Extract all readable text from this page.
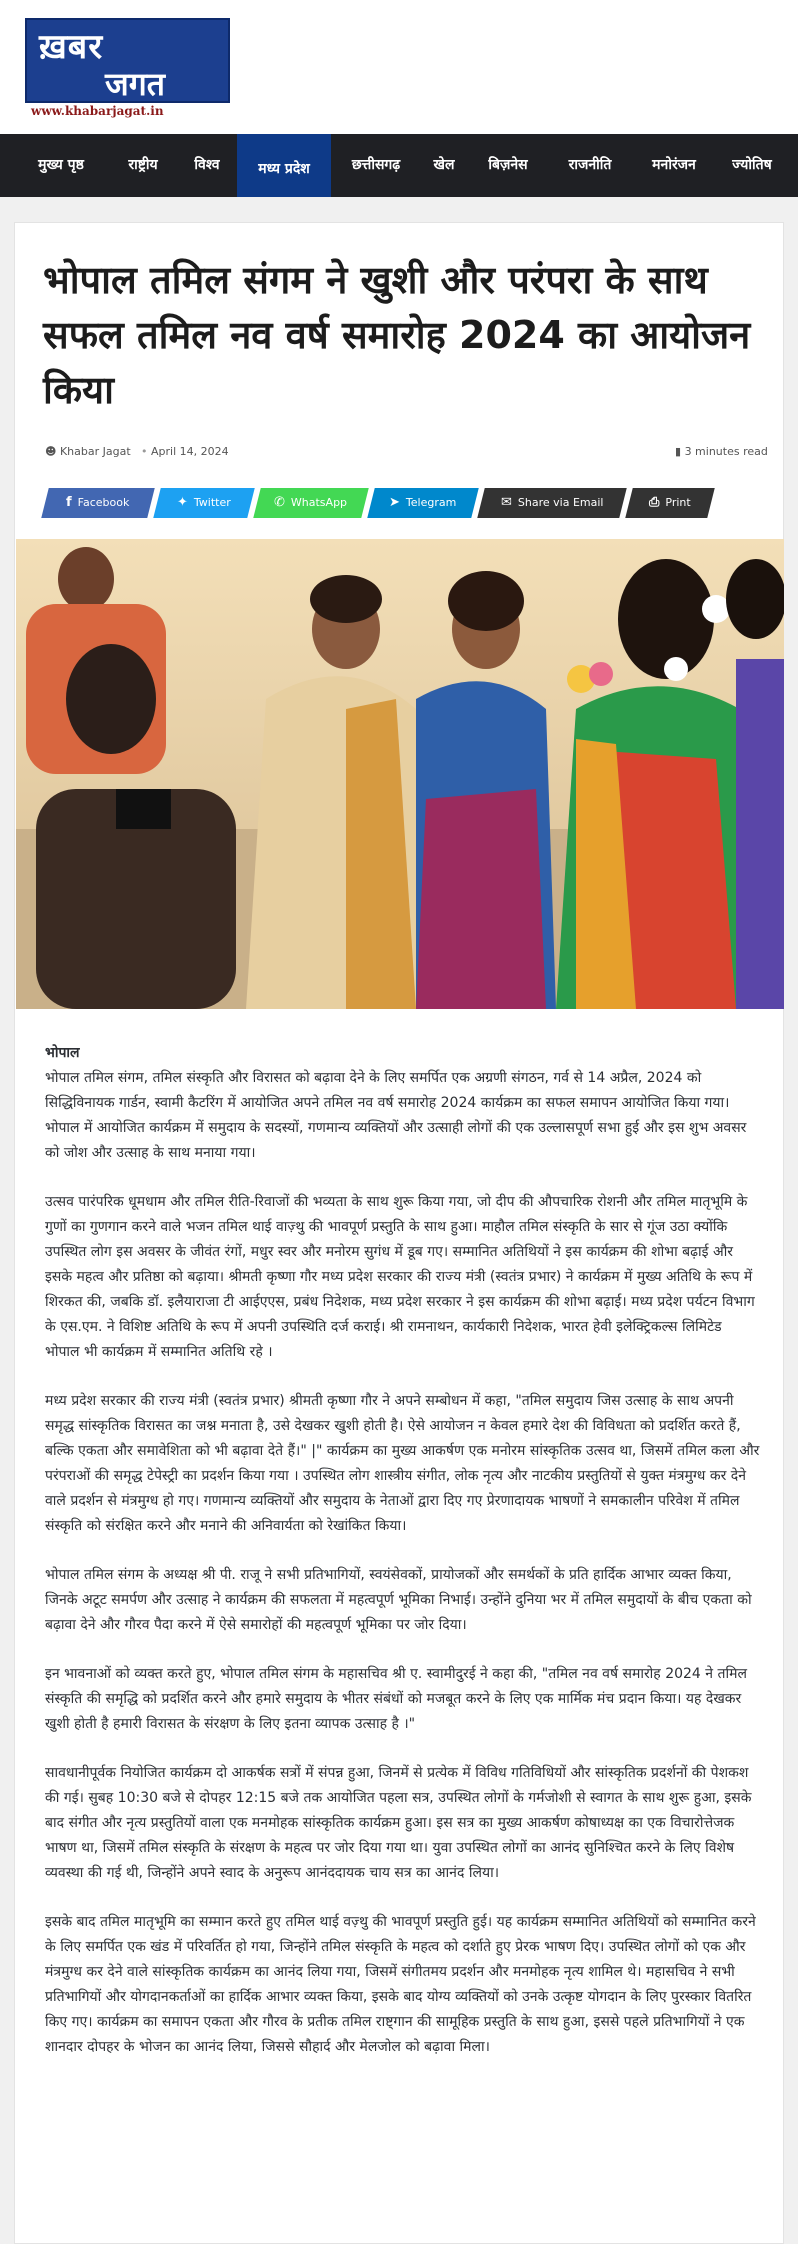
ख़बर
जगत
www.khabarjagat.in
मुख्य पृष्ठ	राष्ट्रीय	विश्व	मध्य प्रदेश	छत्तीसगढ़	खेल	बिज़नेस	राजनीति	मनोरंजन	ज्योतिष
भोपाल तमिल संगम ने खुशी और परंपरा के साथ सफल तमिल नव वर्ष समारोह 2024 का आयोजन किया
☻ Khabar Jagat • April 14, 2024	▮ 3 minutes read
f Facebook	✦ Twitter	✆ WhatsApp	➤ Telegram	✉ Share via Email	⎙ Print
भोपाल

भोपाल तमिल संगम, तमिल संस्कृति और विरासत को बढ़ावा देने के लिए समर्पित एक अग्रणी संगठन, गर्व से 14 अप्रैल, 2024 को सिद्धिविनायक गार्डन, स्वामी कैटरिंग में आयोजित अपने तमिल नव वर्ष समारोह 2024 कार्यक्रम का सफल समापन आयोजित किया गया। भोपाल में आयोजित कार्यक्रम में समुदाय के सदस्यों, गणमान्य व्यक्तियों और उत्साही लोगों की एक उल्लासपूर्ण सभा हुई और इस शुभ अवसर को जोश और उत्साह के साथ मनाया गया।

उत्सव पारंपरिक धूमधाम और तमिल रीति-रिवाजों की भव्यता के साथ शुरू किया गया, जो दीप की औपचारिक रोशनी और तमिल मातृभूमि के गुणों का गुणगान करने वाले भजन तमिल थाई वाज़्थु की भावपूर्ण प्रस्तुति के साथ हुआ। माहौल तमिल संस्कृति के सार से गूंज उठा क्योंकि उपस्थित लोग इस अवसर के जीवंत रंगों, मधुर स्वर और मनोरम सुगंध में डूब गए। सम्मानित अतिथियों ने इस कार्यक्रम की शोभा बढ़ाई और इसके महत्व और प्रतिष्ठा को बढ़ाया। श्रीमती कृष्णा गौर मध्य प्रदेश सरकार की राज्य मंत्री (स्वतंत्र प्रभार) ने कार्यक्रम में मुख्य अतिथि के रूप में शिरकत की, जबकि डॉ. इलैयाराजा टी आईएएस, प्रबंध निदेशक, मध्य प्रदेश सरकार ने इस कार्यक्रम की शोभा बढ़ाई। मध्य प्रदेश पर्यटन विभाग के एस.एम. ने विशिष्ट अतिथि के रूप में अपनी उपस्थिति दर्ज कराई। श्री रामनाथन, कार्यकारी निदेशक, भारत हेवी इलेक्ट्रिकल्स लिमिटेड भोपाल भी कार्यक्रम में सम्मानित अतिथि रहे ।

मध्य प्रदेश सरकार की राज्य मंत्री (स्वतंत्र प्रभार) श्रीमती कृष्णा गौर ने अपने सम्बोधन में कहा, "तमिल समुदाय जिस उत्साह के साथ अपनी समृद्ध सांस्कृतिक विरासत का जश्न मनाता है, उसे देखकर खुशी होती है। ऐसे आयोजन न केवल हमारे देश की विविधता को प्रदर्शित करते हैं, बल्कि एकता और समावेशिता को भी बढ़ावा देते हैं।" |" कार्यक्रम का मुख्य आकर्षण एक मनोरम सांस्कृतिक उत्सव था, जिसमें तमिल कला और परंपराओं की समृद्ध टेपेस्ट्री का प्रदर्शन किया गया । उपस्थित लोग शास्त्रीय संगीत, लोक नृत्य और नाटकीय प्रस्तुतियों से युक्त मंत्रमुग्ध कर देने वाले प्रदर्शन से मंत्रमुग्ध हो गए। गणमान्य व्यक्तियों और समुदाय के नेताओं द्वारा दिए गए प्रेरणादायक भाषणों ने समकालीन परिवेश में तमिल संस्कृति को संरक्षित करने और मनाने की अनिवार्यता को रेखांकित किया।

भोपाल तमिल संगम के अध्यक्ष श्री पी. राजू ने सभी प्रतिभागियों, स्वयंसेवकों, प्रायोजकों और समर्थकों के प्रति हार्दिक आभार व्यक्त किया, जिनके अटूट समर्पण और उत्साह ने कार्यक्रम की सफलता में महत्वपूर्ण भूमिका निभाई। उन्होंने दुनिया भर में तमिल समुदायों के बीच एकता को बढ़ावा देने और गौरव पैदा करने में ऐसे समारोहों की महत्वपूर्ण भूमिका पर जोर दिया।

इन भावनाओं को व्यक्त करते हुए, भोपाल तमिल संगम के महासचिव श्री ए. स्वामीदुरई ने कहा की, "तमिल नव वर्ष समारोह 2024 ने तमिल संस्कृति की समृद्धि को प्रदर्शित करने और हमारे समुदाय के भीतर संबंधों को मजबूत करने के लिए एक मार्मिक मंच प्रदान किया। यह देखकर खुशी होती है हमारी विरासत के संरक्षण के लिए इतना व्यापक उत्साह है ।"

सावधानीपूर्वक नियोजित कार्यक्रम दो आकर्षक सत्रों में संपन्न हुआ, जिनमें से प्रत्येक में विविध गतिविधियों और सांस्कृतिक प्रदर्शनों की पेशकश की गई। सुबह 10:30 बजे से दोपहर 12:15 बजे तक आयोजित पहला सत्र, उपस्थित लोगों के गर्मजोशी से स्वागत के साथ शुरू हुआ, इसके बाद संगीत और नृत्य प्रस्तुतियों वाला एक मनमोहक सांस्कृतिक कार्यक्रम हुआ। इस सत्र का मुख्य आकर्षण कोषाध्यक्ष का एक विचारोत्तेजक भाषण था, जिसमें तमिल संस्कृति के संरक्षण के महत्व पर जोर दिया गया था। युवा उपस्थित लोगों का आनंद सुनिश्चित करने के लिए विशेष व्यवस्था की गई थी, जिन्होंने अपने स्वाद के अनुरूप आनंददायक चाय सत्र का आनंद लिया।

इसके बाद तमिल मातृभूमि का सम्मान करते हुए तमिल थाई वज़्थु की भावपूर्ण प्रस्तुति हुई। यह कार्यक्रम सम्मानित अतिथियों को सम्मानित करने के लिए समर्पित एक खंड में परिवर्तित हो गया, जिन्होंने तमिल संस्कृति के महत्व को दर्शाते हुए प्रेरक भाषण दिए। उपस्थित लोगों को एक और मंत्रमुग्ध कर देने वाले सांस्कृतिक कार्यक्रम का आनंद लिया गया, जिसमें संगीतमय प्रदर्शन और मनमोहक नृत्य शामिल थे। महासचिव ने सभी प्रतिभागियों और योगदानकर्ताओं का हार्दिक आभार व्यक्त किया, इसके बाद योग्य व्यक्तियों को उनके उत्कृष्ट योगदान के लिए पुरस्कार वितरित किए गए। कार्यक्रम का समापन एकता और गौरव के प्रतीक तमिल राष्ट्गान की सामूहिक प्रस्तुति के साथ हुआ, इससे पहले प्रतिभागियों ने एक शानदार दोपहर के भोजन का आनंद लिया, जिससे सौहार्द और मेलजोल को बढ़ावा मिला।
